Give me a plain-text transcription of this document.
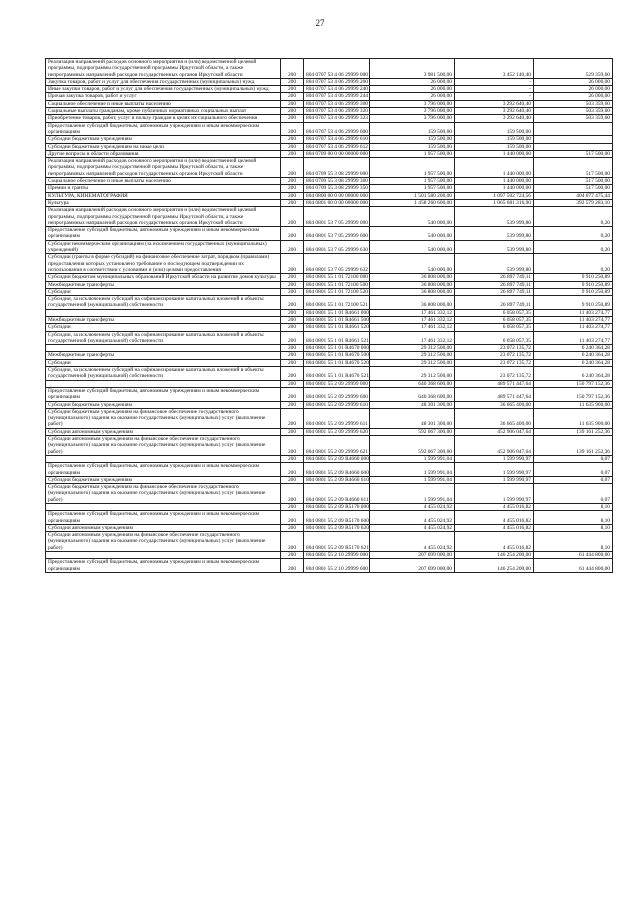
27
Реализация направлений расходов основного мероприятия и (или) ведомственной целевой программы, подпрограммы государственной программы Иркутской области, а также непрограммных направлений расходов государственных органов Иркутской области	200	804 0707 53 4 06 29999 000	3 981 500,00	3 452 140,40	529 359,60
Закупка товаров, работ и услуг для обеспечения государственных (муниципальных) нужд	200	804 0707 53 4 06 29999 200	26 000,00	-	26 000,00
Иные закупки товаров, работ и услуг для обеспечения государственных (муниципальных) нужд	200	804 0707 53 4 06 29999 240	26 000,00	-	26 000,00
Прочая закупка товаров, работ и услуг	200	804 0707 53 4 06 29999 244	26 000,00	-	26 000,00
Социальное обеспечение и иные выплаты населению	200	804 0707 53 4 06 29999 300	3 796 000,00	3 292 640,40	503 359,60
Социальные выплаты гражданам, кроме публичных нормативных социальных выплат	200	804 0707 53 4 06 29999 320	3 796 000,00	3 292 640,40	503 359,60
Приобретение товаров, работ, услуг в пользу граждан в целях их социального обеспечения	200	804 0707 53 4 06 29999 323	3 796 000,00	3 292 640,40	503 359,60
Предоставление субсидий бюджетным, автономным учреждениям и иным некоммерческим организациям	200	804 0707 53 4 06 29999 600	159 500,00	159 500,00	
Субсидии бюджетным учреждениям	200	804 0707 53 4 06 29999 610	159 500,00	159 500,00	
Субсидии бюджетным учреждениям на иные цели	200	804 0707 53 4 06 29999 612	159 500,00	159 500,00	
Другие вопросы в области образования	200	804 0709 00 0 00 00000 000	1 957 500,00	1 440 000,00	517 500,00
Реализация направлений расходов основного мероприятия и (или) ведомственной целевой программы, подпрограммы государственной программы Иркутской области, а также непрограммных направлений расходов государственных органов Иркутской области	200	804 0709 55 3 08 29999 000	1 957 500,00	1 440 000,00	517 500,00
Социальное обеспечение и иные выплаты населению	200	804 0709 55 3 08 29999 300	1 957 500,00	1 440 000,00	517 500,00
Премии и гранты	200	804 0709 55 3 08 29999 350	1 957 500,00	1 440 000,00	517 500,00
КУЛЬТУРА, КИНЕМАТОГРАФИЯ	200	804 0800 00 0 00 00000 000	1 501 580 200,00	1 097 502 724,56	404 077 475,44
Культура	200	804 0801 00 0 00 00000 000	1 458 260 600,00	1 065 681 316,90	392 579 283,10
Реализация направлений расходов основного мероприятия и (или) ведомственной целевой программы, подпрограммы государственной программы Иркутской области, а также непрограммных направлений расходов государственных органов Иркутской области	200	804 0801 53 7 05 29999 000	540 000,00	539 999,80	0,20
Предоставление субсидий бюджетным, автономным учреждениям и иным некоммерческим организациям	200	804 0801 53 7 05 29999 600	540 000,00	539 999,80	0,20
Субсидии некоммерческим организациям (за исключением государственных (муниципальных) учреждений)	200	804 0801 53 7 05 29999 630	540 000,00	539 999,80	0,20
Субсидии (гранты в форме субсидий) на финансовое обеспечение затрат, порядком (правилами) предоставления которых установлено требование о последующем подтверждении их использования в соответствии с условиями и (или) целями предоставления	200	804 0801 53 7 05 29999 632	540 000,00	539 999,80	0,20
Субсидии бюджетам муниципальных образований Иркутской области на развитие домов культуры	200	804 0801 55 1 01 72100 000	36 808 000,00	26 897 749,11	9 910 250,89
Межбюджетные трансферты	200	804 0801 55 1 01 72100 500	36 808 000,00	26 897 749,11	9 910 250,89
Субсидии	200	804 0801 55 1 01 72100 520	36 808 000,00	26 897 749,11	9 910 250,89
Субсидии, за исключением субсидий на софинансирование капитальных вложений в объекты государственной (муниципальной) собственности	200	804 0801 55 1 01 72100 521	36 808 000,00	26 897 749,11	9 910 250,89
	200	804 0801 55 1 01 R4661 000	17 461 332,12	6 058 057,35	11 403 274,77
Межбюджетные трансферты	200	804 0801 55 1 01 R4661 500	17 461 332,12	6 058 057,35	11 403 274,77
Субсидии	200	804 0801 55 1 01 R4661 520	17 461 332,12	6 058 057,35	11 403 274,77
Субсидии, за исключением субсидий на софинансирование капитальных вложений в объекты государственной (муниципальной) собственности	200	804 0801 55 1 01 R4661 521	17 461 332,12	6 058 057,35	11 403 274,77
	200	804 0801 55 1 01 R4670 000	29 312 500,00	23 072 135,72	6 240 364,28
Межбюджетные трансферты	200	804 0801 55 1 01 R4670 500	29 312 500,00	23 072 135,72	6 240 364,28
Субсидии	200	804 0801 55 1 01 R4670 520	29 312 500,00	23 072 135,72	6 240 364,28
Субсидии, за исключением субсидий на софинансирование капитальных вложений в объекты государственной (муниципальной) собственности	200	804 0801 55 1 01 R4670 521	29 312 500,00	23 072 135,72	6 240 364,28
	200	804 0801 55 2 09 29999 000	640 368 600,00	489 571 447,64	150 797 152,36
Предоставление субсидий бюджетным, автономным учреждениям и иным некоммерческим организациям	200	804 0801 55 2 09 29999 600	640 368 600,00	489 571 447,64	150 797 152,36
Субсидии бюджетным учреждениям	200	804 0801 55 2 09 29999 610	48 301 300,00	36 665 400,00	11 635 900,00
Субсидии бюджетным учреждениям на финансовое обеспечение государственного (муниципального) задания на оказание государственных (муниципальных) услуг (выполнение работ)	200	804 0801 55 2 09 29999 611	48 301 300,00	36 665 400,00	11 635 900,00
Субсидии автономным учреждениям	200	804 0801 55 2 09 29999 620	592 067 300,00	452 906 047,64	139 161 252,36
Субсидии автономным учреждениям на финансовое обеспечение государственного (муниципального) задания на оказание государственных (муниципальных) услуг (выполнение работ)	200	804 0801 55 2 09 29999 621	592 067 300,00	452 906 047,64	139 161 252,36
	200	804 0801 55 2 09 R4660 000	1 599 991,04	1 599 990,97	0,07
Предоставление субсидий бюджетным, автономным учреждениям и иным некоммерческим организациям	200	804 0801 55 2 09 R4660 600	1 599 991,04	1 599 990,97	0,07
Субсидии бюджетным учреждениям	200	804 0801 55 2 09 R4660 610	1 599 991,04	1 599 990,97	0,07
Субсидии бюджетным учреждениям на финансовое обеспечение государственного (муниципального) задания на оказание государственных (муниципальных) услуг (выполнение работ)	200	804 0801 55 2 09 R4660 611	1 599 991,04	1 599 990,97	0,07
	200	804 0801 55 2 09 R5170 000	4 455 024,92	4 455 016,82	8,10
Предоставление субсидий бюджетным, автономным учреждениям и иным некоммерческим организациям	200	804 0801 55 2 09 R5170 600	4 455 024,92	4 455 016,82	8,10
Субсидии автономным учреждениям	200	804 0801 55 2 09 R5170 620	4 455 024,92	4 455 016,82	8,10
Субсидии автономным учреждениям на финансовое обеспечение государственного (муниципального) задания на оказание государственных (муниципальных) услуг (выполнение работ)	200	804 0801 55 2 09 R5170 621	4 455 024,92	4 455 016,82	8,10
	200	804 0801 55 2 10 29999 000	207 699 000,00	146 254 200,00	61 444 800,00
Предоставление субсидий бюджетным, автономным учреждениям и иным некоммерческим организациям	200	804 0801 55 2 10 29999 600	207 699 000,00	146 254 200,00	61 444 800,00
